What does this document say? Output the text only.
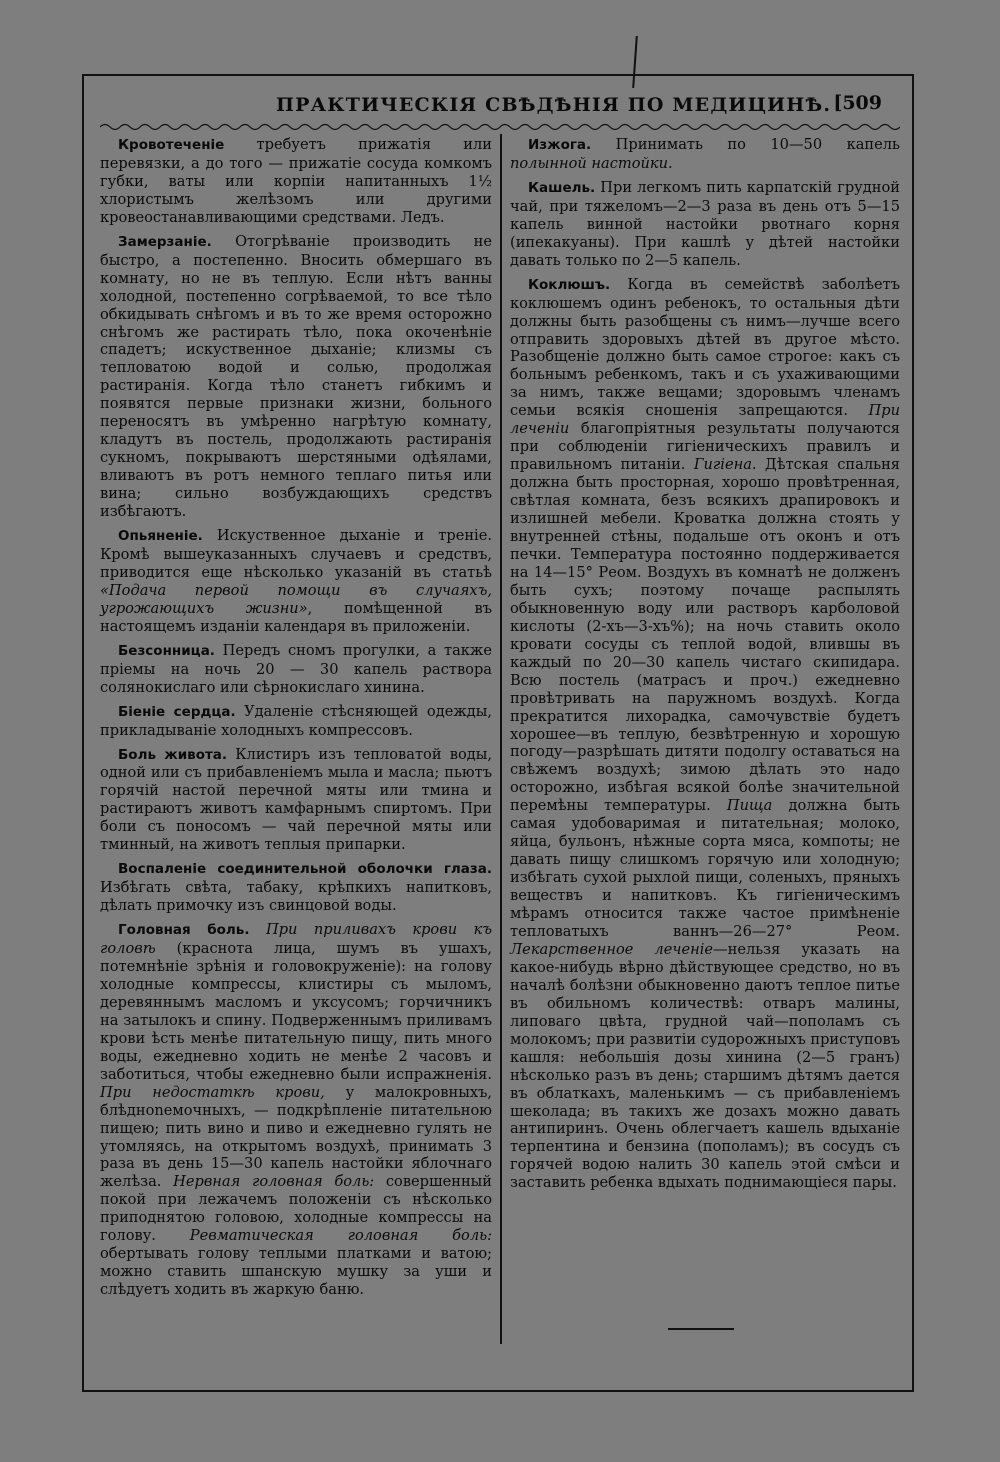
ПРАКТИЧЕСКІЯ СВѢДѢНІЯ ПО МЕДИЦИНѢ. [509

Кровотеченіе требуетъ прижатія или перевязки, а до того — прижатіе сосуда комкомъ губки, ваты или корпіи напитанныхъ 1½ хлористымъ желѣзомъ или другими кровеостанавливающими средствами. Ледъ.

Замерзаніе. Отогрѣваніе производить не быстро, а постепенно. Вносить обмершаго въ комнату, но не въ теплую. Если нѣтъ ванны холодной, постепенно согрѣваемой, то все тѣло обкидывать снѣгомъ и въ то же время осторожно снѣгомъ же растирать тѣло, пока окоченѣніе спадетъ; искуственное дыханіе; клизмы съ тепловатою водой и солью, продолжая растиранія. Когда тѣло станетъ гибкимъ и появятся первые признаки жизни, больного переносятъ въ умѣренно нагрѣтую комнату, кладутъ въ постель, продолжають растиранія сукномъ, покрываютъ шерстяными одѣялами, вливаютъ въ ротъ немного теплаго питья или вина; сильно возбуждающихъ средствъ избѣгаютъ.

Опьяненіе. Искуственное дыханіе и треніе. Кромѣ вышеуказанныхъ случаевъ и средствъ, приводится еще нѣсколько указаній въ статьѣ «Подача первой помощи въ случаяхъ, угрожающихъ жизни», помѣщенной въ настоящемъ изданіи календаря въ приложеніи.

Безсонница. Передъ сномъ прогулки, а также пріемы на ночь 20 — 30 капель раствора солянокислаго или сѣрнокислаго хинина.

Біеніе сердца. Удаленіе стѣсняющей одежды, прикладываніе холодныхъ компрессовъ.

Боль живота. Клистиръ изъ тепловатой воды, одной или съ прибавленіемъ мыла и масла; пьютъ горячій настой перечной мяты или тмина и растираютъ животъ камфарнымъ спиртомъ. При боли съ поносомъ — чай перечной мяты или тминный, на животъ теплыя припарки.

Воспаленіе соединительной оболочки глаза. Избѣгать свѣта, табаку, крѣпкихъ напитковъ, дѣлать примочку изъ свинцовой воды.

Головная боль. При приливахъ крови къ головѣ (краснота лица, шумъ въ ушахъ, потемнѣніе зрѣнія и головокруженіе): на голову холодные компрессы, клистиры съ мыломъ, деревяннымъ масломъ и уксусомъ; горчичникъ на затылокъ и спину. Подверженнымъ приливамъ крови ѣсть менѣе питательную пищу, пить много воды, ежедневно ходить не менѣе 2 часовъ и заботиться, чтобы ежедневно были испражненія. При недостаткѣ крови, у малокровныхъ, блѣдноnемочныхъ, — подкрѣпленіе питательною пищею; пить вино и пиво и ежедневно гулять не утомляясь, на открытомъ воздухѣ, принимать 3 раза въ день 15—30 капель настойки яблочнаго желѣза. Нервная головная боль: совершенный покой при лежачемъ положеніи съ нѣсколько приподнятою головою, холодные компрессы на голову. Ревматическая головная боль: обертывать голову теплыми платками и ватою; можно ставить шпанскую мушку за уши и слѣдуетъ ходить въ жаркую баню.

Изжога. Принимать по 10—50 капель полынной настойки.

Кашель. При легкомъ пить карпатскій грудной чай, при тяжеломъ—2—3 раза въ день отъ 5—15 капель винной настойки рвотнаго корня (ипекакуаны). При кашлѣ у дѣтей настойки давать только по 2—5 капель.

Коклюшъ. Когда въ семействѣ заболѣетъ коклюшемъ одинъ ребенокъ, то остальныя дѣти должны быть разобщены съ нимъ—лучше всего отправить здоровыхъ дѣтей въ другое мѣсто. Разобщеніе должно быть самое строгое: какъ съ больнымъ ребенкомъ, такъ и съ ухаживающими за нимъ, также вещами; здоровымъ членамъ семьи всякія сношенія запрещаются. При леченіи благопріятныя результаты получаются при соблюденіи гигіеническихъ правилъ и правильномъ питаніи. Гигіена. Дѣтская спальня должна быть просторная, хорошо провѣтренная, свѣтлая комната, безъ всякихъ драпировокъ и излишней мебели. Кроватка должна стоять у внутренней стѣны, подальше отъ оконъ и отъ печки. Температура постоянно поддерживается на 14—15° Реом. Воздухъ въ комнатѣ не долженъ быть сухъ; поэтому почаще распылять обыкновенную воду или растворъ карболовой кислоты (2-хъ—3-хъ%); на ночь ставить около кровати сосуды съ теплой водой, влившы въ каждый по 20—30 капель чистаго скипидара. Всю постель (матрасъ и проч.) ежедневно провѣтривать на паружномъ воздухѣ. Когда прекратится лихорадка, самочувствіе будетъ хорошее—въ теплую, безвѣтренную и хорошую погоду—разрѣшать дитяти подолгу оставаться на свѣжемъ воздухѣ; зимою дѣлать это надо осторожно, избѣгая всякой болѣе значительной перемѣны температуры. Пища должна быть самая удобоваримая и питательная; молоко, яйца, бульонъ, нѣжные сорта мяса, компоты; не давать пищу слишкомъ горячую или холодную; избѣгать сухой рыхлой пищи, соленыхъ, пряныхъ веществъ и напитковъ. Къ гигіеническимъ мѣрамъ относится также частое примѣненіе тепловатыхъ ваннъ—26—27° Реом. Лекарственное леченіе—нельзя указать на какое-нибудь вѣрно дѣйствующее средство, но въ началѣ болѣзни обыкновенно даютъ теплое питье въ обильномъ количествѣ: отваръ малины, липоваго цвѣта, грудной чай—пополамъ съ молокомъ; при развитіи судорожныхъ приступовъ кашля: небольшія дозы хинина (2—5 гранъ) нѣсколько разъ въ день; старшимъ дѣтямъ дается въ облаткахъ, маленькимъ — съ прибавленіемъ шеколада; въ такихъ же дозахъ можно давать антипиринъ. Очень облегчаетъ кашель вдыханіе терпентина и бензина (пополамъ); въ сосудъ съ горячей водою налить 30 капель этой смѣси и заставить ребенка вдыхать поднимающіеся пары.
